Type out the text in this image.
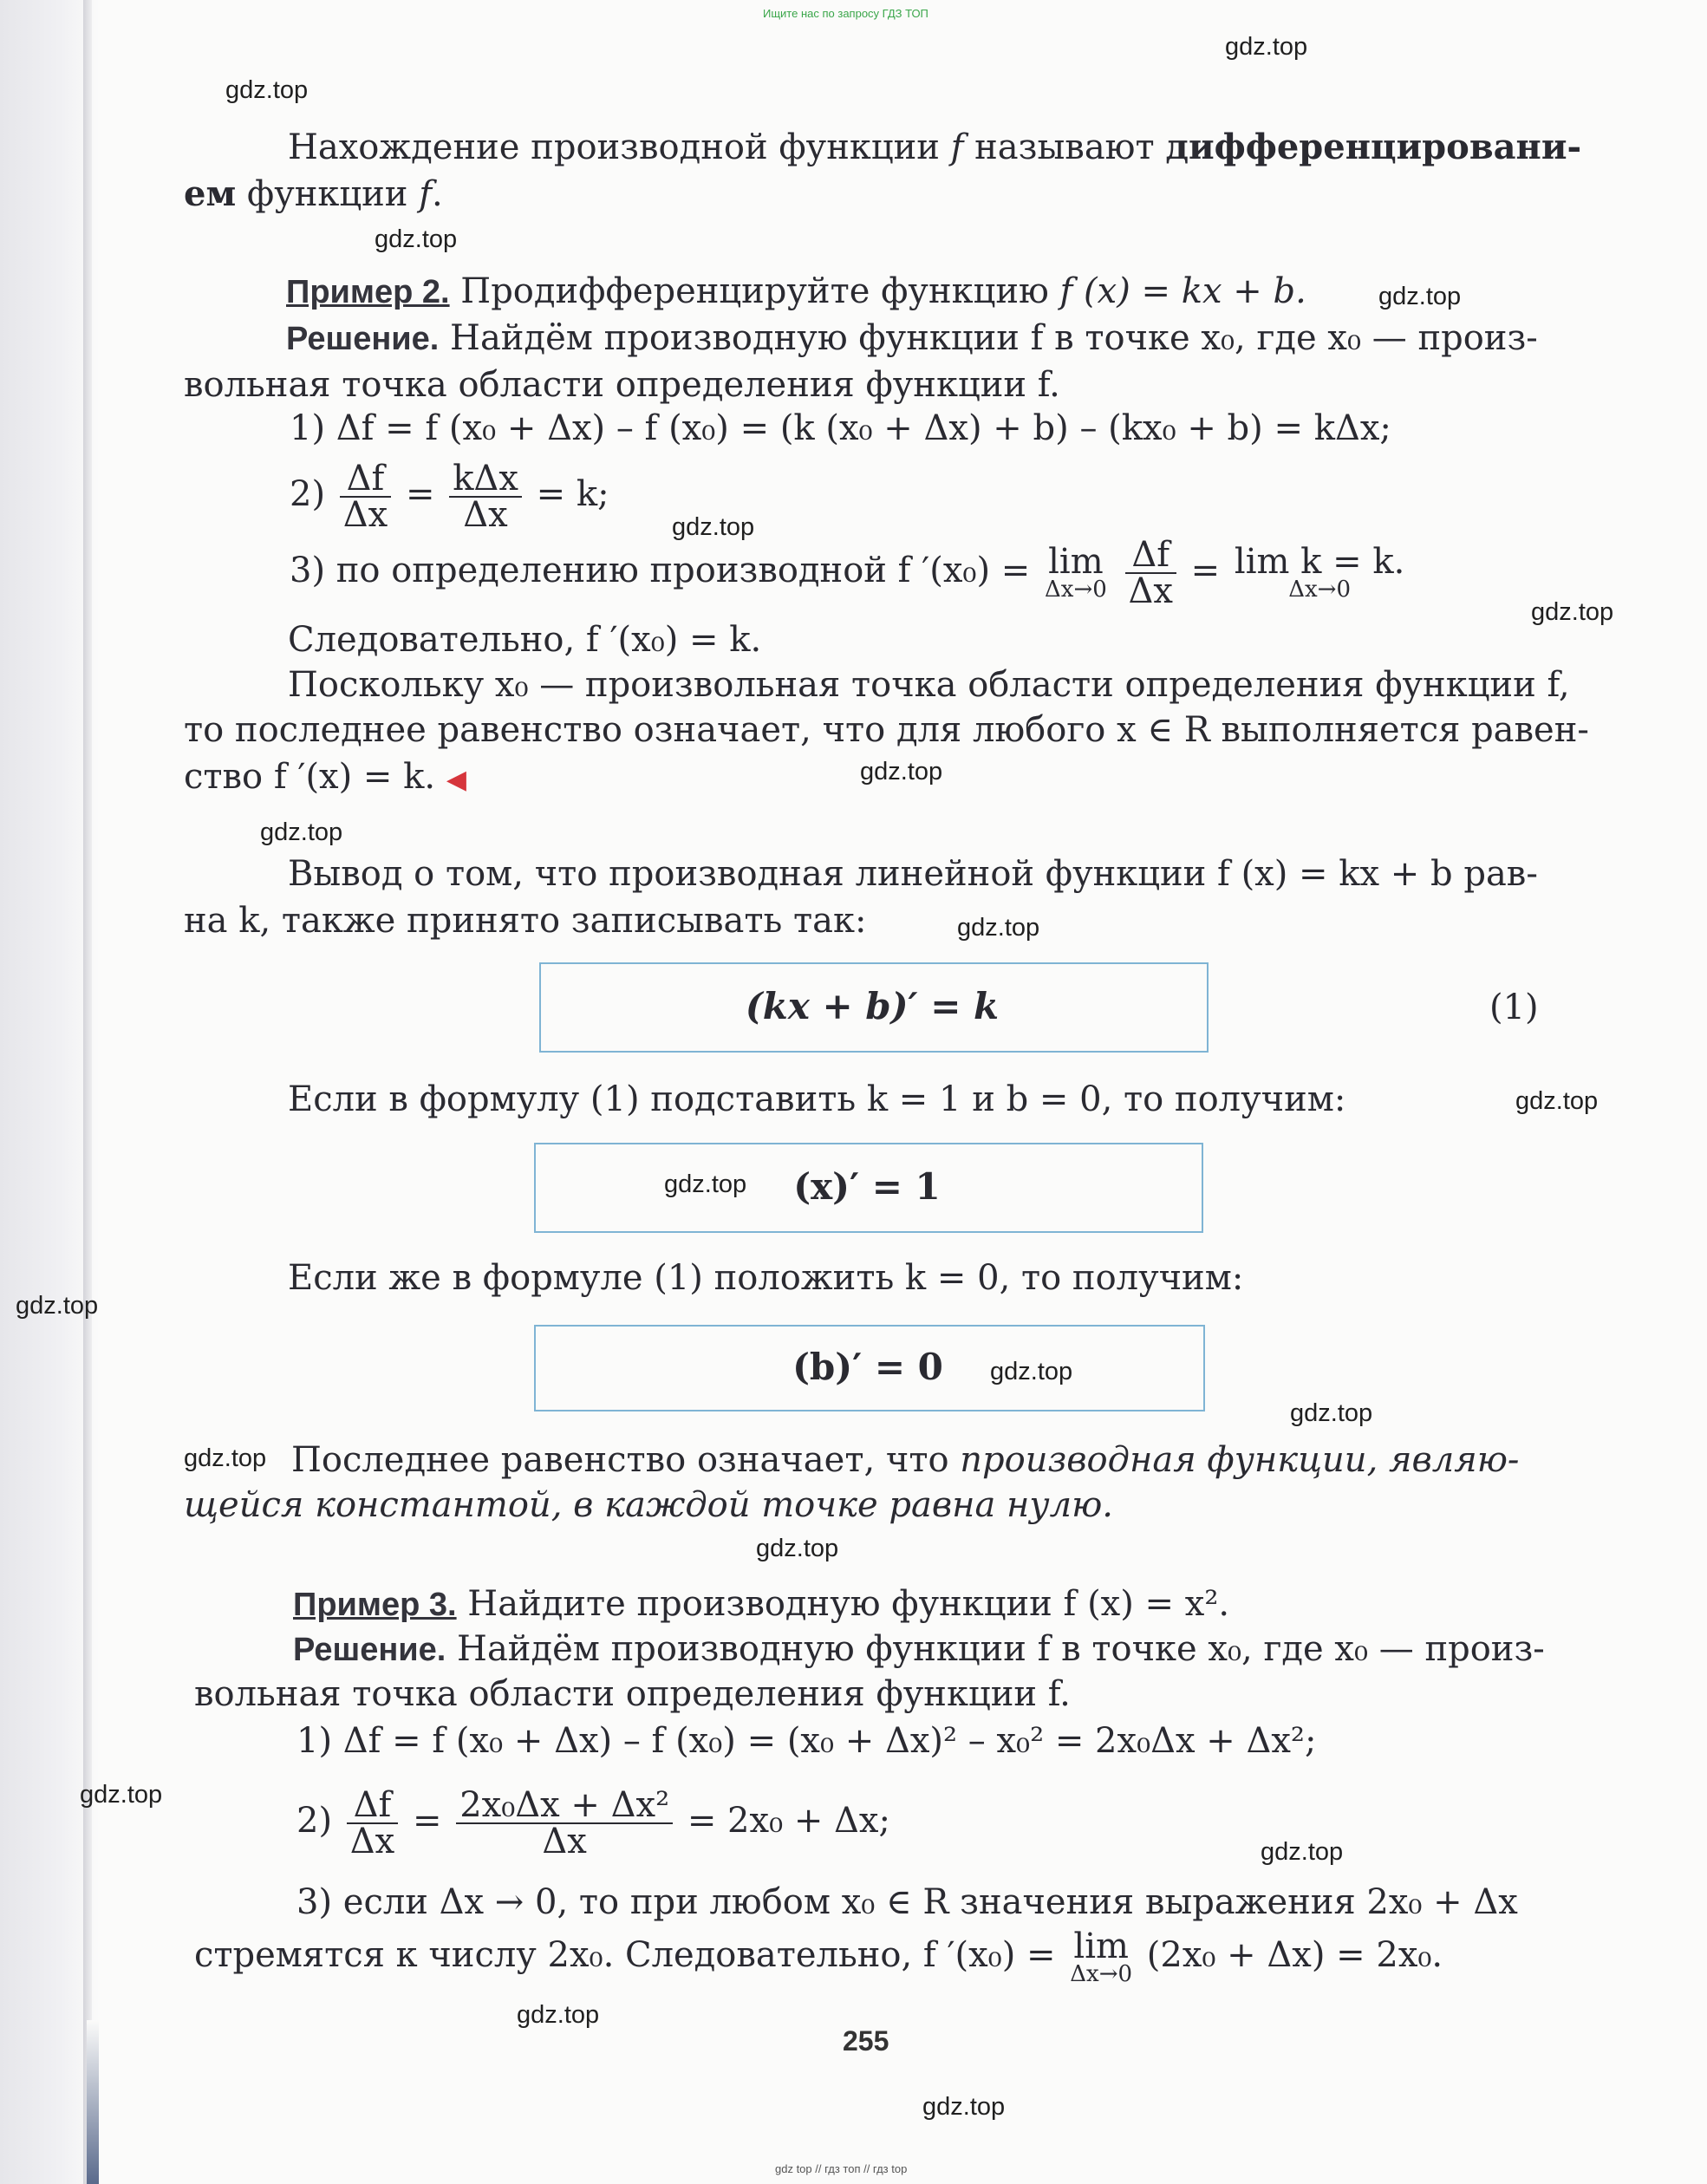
Ищите нас по запросу ГДЗ ТОП
gdz.top
gdz.top
gdz.top
gdz.top
gdz.top
gdz.top
gdz.top
gdz.top
gdz.top
gdz.top
gdz.top
gdz.top
gdz.top
gdz.top
gdz.top
gdz.top
gdz.top
gdz.top
gdz.top
gdz.top
Нахождение производной функции f называют дифференцировани-
ем функции f.
Пример 2. Продифференцируйте функцию f (x) = kx + b.
Решение. Найдём производную функции f в точке x₀, где x₀ — произ-
вольная точка области определения функции f.
1) Δf = f (x₀ + Δx) – f (x₀) = (k (x₀ + Δx) + b) – (kx₀ + b) = kΔx;
$2) \frac{\Delta f}{\Delta x} = \frac{\text{kΔx}}{\Delta x} = k$;
3) по определению производной f ′(x₀) = lim
Δx→0
$\frac{\Delta f}{\Delta x} = \lim k = k$.
Δx→0
Следовательно, f ′(x₀) = k.
Поскольку x₀ — произвольная точка области определения функции f,
то последнее равенство означает, что для любого x ∈ R выполняется равен-
ство f ′(x) = k. ◀
Вывод о том, что производная линейной функции f (x) = kx + b рав-
на k, также принято записывать так:
(kx + b)′ = k	(1)
Если в формулу (1) подставить k = 1 и b = 0, то получим:
(x)′ = 1
Если же в формуле (1) положить k = 0, то получим:
(b)′ = 0
Последнее равенство означает, что производная функции, являю-
щейся константой, в каждой точке равна нулю.
Пример 3. Найдите производную функции f (x) = x².
Решение. Найдём производную функции f в точке x₀, где x₀ — произ-
вольная точка области определения функции f.
1) Δf = f (x₀ + Δx) – f (x₀) = (x₀ + Δx)² – x₀² = 2x₀Δx + Δx²;
$2) \frac{\Delta f}{\Delta x} = \frac{\text{2x₀Δx + Δx²}}{\Delta x} = 2x_0 + \Delta x$;
3) если Δx → 0, то при любом x₀ ∈ R значения выражения 2x₀ + Δx
стремятся к числу 2x₀. Следовательно, f ′(x₀) = lim
Δx→0 (2x₀ + Δx) = 2x₀.
255
gdz top // гдз топ // гдз top
